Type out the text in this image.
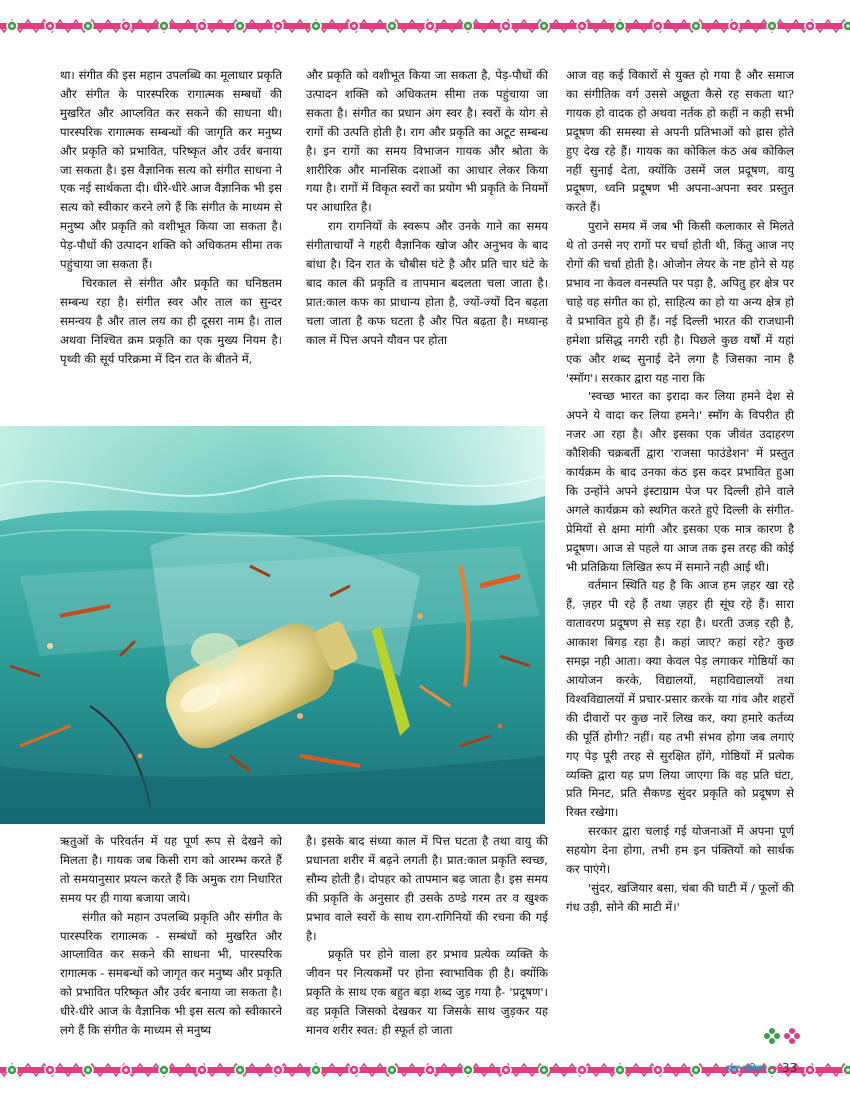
था। संगीत की इस महान उपलब्धि का मूलाधार प्रकृति और संगीत के पारस्परिक रागात्मक सम्बधों की मुखरित और आप्लवित कर सकने की साधना थी। पारस्परिक रागात्मक सम्बन्धों की जागृति कर मनुष्य और प्रकृति को प्रभावित, परिष्कृत और उर्वर बनाया जा सकता है। इस वैज्ञानिक सत्य को संगीत साधना ने एक नई सार्थकता दी। धीरे-धीरे आज वैज्ञानिक भी इस सत्य को स्वीकार करने लगे हैं कि संगीत के माध्यम से मनुष्य और प्रकृति को वशीभूत किया जा सकता है। पेड़-पौधों की उत्पादन शक्ति को अधिकतम सीमा तक पहुंचाया जा सकता हैं।

चिरकाल से संगीत और प्रकृति का घनिष्ठतम सम्बन्ध रहा है। संगीत स्वर और ताल का सुन्दर समन्वय है और ताल लय का ही दूसरा नाम है। ताल अथवा निश्चित क्रम प्रकृति का एक मुख्य नियम है। पृथ्वी की सूर्य परिक्रमा में दिन रात के बीतने में,

और प्रकृति को वशीभूत किया जा सकता है, पेड़-पौधों की उत्पादन शक्ति को अधिकतम सीमा तक पहुंचाया जा सकता है। संगीत का प्रधान अंग स्वर है। स्वरों के योग से रागों की उत्पति होती है। राग और प्रकृति का अटूट सम्बन्ध है। इन रागों का समय विभाजन गायक और श्रोता के शारीरिक और मानसिक दशाओं का आधार लेकर किया गया है। रागों में विकृत स्वरों का प्रयोग भी प्रकृति के नियमों पर आधारित है।

राग रागनियों के स्वरूप और उनके गाने का समय संगीताचार्यों ने गहरी वैज्ञानिक खोज और अनुभव के बाद बांधा है। दिन रात के चौबीस घंटे है और प्रति चार घंटे के बाद काल की प्रकृति व तापमान बदलता चला जाता है। प्रात:काल कफ का प्राधान्य होता है, ज्यों-ज्यों दिन बढ़ता चला जाता है कफ घटता है और पित बढ़ता है। मध्यान्ह काल में पित्त अपने यौवन पर होता

आज वह कई विकारों से युक्त हो गया है और समाज का संगीतिक वर्ग उससे अछूता कैसे रह सकता था? गायक हो वादक हो अथवा नर्तक हो कहीं न कही सभी प्रदूषण की समस्या से अपनी प्रतिभाओं को ह्रास होते हुए देख रहे हैं। गायक का कोकिल कंठ अब कोकिल नहीं सुनाई देता, क्योंकि उसमें जल प्रदूषण, वायु प्रदूषण, ध्वनि प्रदूषण भी अपना-अपना स्वर प्रस्तुत करते हैं।

पुराने समय में जब भी किसी कलाकार से मिलते थे तो उनसे नए रागों पर चर्चा होती थी, किंतु आज नए रोगों की चर्चा होती है। ओजोन लेयर के नष्ट होने से यह प्रभाव ना केवल वनस्पति पर पड़ा है, अपितु हर क्षेत्र पर चाहे वह संगीत का हो, साहित्य का हो या अन्य क्षेत्र हो वे प्रभावित हुये ही हैं। नई दिल्ली भारत की राजधानी हमेशा प्रसिद्ध नगरी रही है। पिछले कुछ वर्षों में यहां एक और शब्द सुनाई देने लगा है जिसका नाम है 'स्मॉग'। सरकार द्वारा यह नारा कि

'स्वच्छ भारत का इरादा कर लिया हमने देश से अपने ये वादा कर लिया हमने।' स्मॉग के विपरीत ही नजर आ रहा है। और इसका एक जीवंत उदाहरण कौशिकी चक्रबर्ती द्वारा 'राजसा फाउंडेशन' में प्रस्तुत कार्यक्रम के बाद उनका कंठ इस कदर प्रभावित हुआ कि उन्होंने अपने इंस्टाग्राम पेज पर दिल्ली होने वाले अगले कार्यक्रम को स्थगित करते हुऐ दिल्ली के संगीत-प्रेमियों से क्षमा मांगी और इसका एक मात्र कारण है प्रदूषण। आज से पहले या आज तक इस तरह की कोई भी प्रतिक्रिया लिखित रूप में समाने नही आई थी।

वर्तमान स्थिति यह है कि आज हम ज़हर खा रहे हैं, ज़हर पी रहे हैं तथा ज़हर ही सूंघ रहे हैं। सारा वातावरण प्रदूषण से सड़ रहा है। धरती उजड़ रही है, आकाश बिगड़ रहा है। कहां जाए? कहां रहे? कुछ समझ नही आता। क्या केवल पेड़ लगाकर गोष्ठियों का आयोजन करके, विद्यालयों, महाविद्यालयों तथा विश्वविद्यालयों में प्रचार-प्रसार करके या गांव और शहरों की दीवारों पर कुछ नारें लिख कर, क्या हमारे कर्तव्य की पूर्ति होगी? नहीं। यह तभी संभव होगा जब लगाएं गए पेड़ पूरी तरह से सुरक्षित होंगे, गोष्ठियों में प्रत्येक व्यक्ति द्वारा यह प्रण लिया जाएगा कि वह प्रति घंटा, प्रति मिनट, प्रति सैकण्ड सुंदर प्रकृति को प्रदूषण से रिक्त रखेगा।

सरकार द्वारा चलाई गई योजनाओं में अपना पूर्ण सहयोग देना होगा, तभी हम इन पंक्तियों को सार्थक कर पाएंगे।

'सुंदर, खजियार बसा, चंबा की घाटी में / फूलों की गंध उड़ी, सोने की माटी में।'

ऋतुओं के परिवर्तन में यह पूर्ण रूप से देखने को मिलता है। गायक जब किसी राग को आरम्भ करते हैं तो समयानुसार प्रयत्न करते हैं कि अमुक राग निधारित समय पर ही गाया बजाया जाये।

संगीत को महान उपलब्धि प्रकृति और संगीत के पारस्परिक रागात्मक - सम्बंधों को मुखरित और आप्लावित कर सकने की साधना भी, पारस्परिक रागात्मक - समबन्धों को जागृत कर मनुष्य और प्रकृति को प्रभावित परिष्कृत और उर्वर बनाया जा सकता है। धीरे-धीरे आज के वैज्ञानिक भी इस सत्य को स्वीकारने लगे हैं कि संगीत के माध्यम से मनुष्य

है। इसके बाद संध्या काल में पित्त घटता है तथा वायु की प्रधानता शरीर में बढ़ने लगती है। प्रात:काल प्रकृति स्वच्छ, सौम्य होती है। दोपहर को तापमान बढ़ जाता है। इस समय की प्रकृति के अनुसार ही उसके ठण्डे गरम तर व खुश्क प्रभाव वाले स्वरों के साथ राग-रागिनियों की रचना की गई है।

प्रकृति पर होने वाला हर प्रभाव प्रत्येक व्यक्ति के जीवन पर नित्यकर्मों पर होना स्वाभाविक ही है। क्योंकि प्रकृति के साथ एक बहुत बड़ा शब्द जुड़ गया है- 'प्रदूषण'। वह प्रकृति जिसको देखकर या जिसके साथ जुड़कर यह मानव शरीर स्वत: ही स्फूर्त हो जाता

स्वर सरिता ➜ 33
